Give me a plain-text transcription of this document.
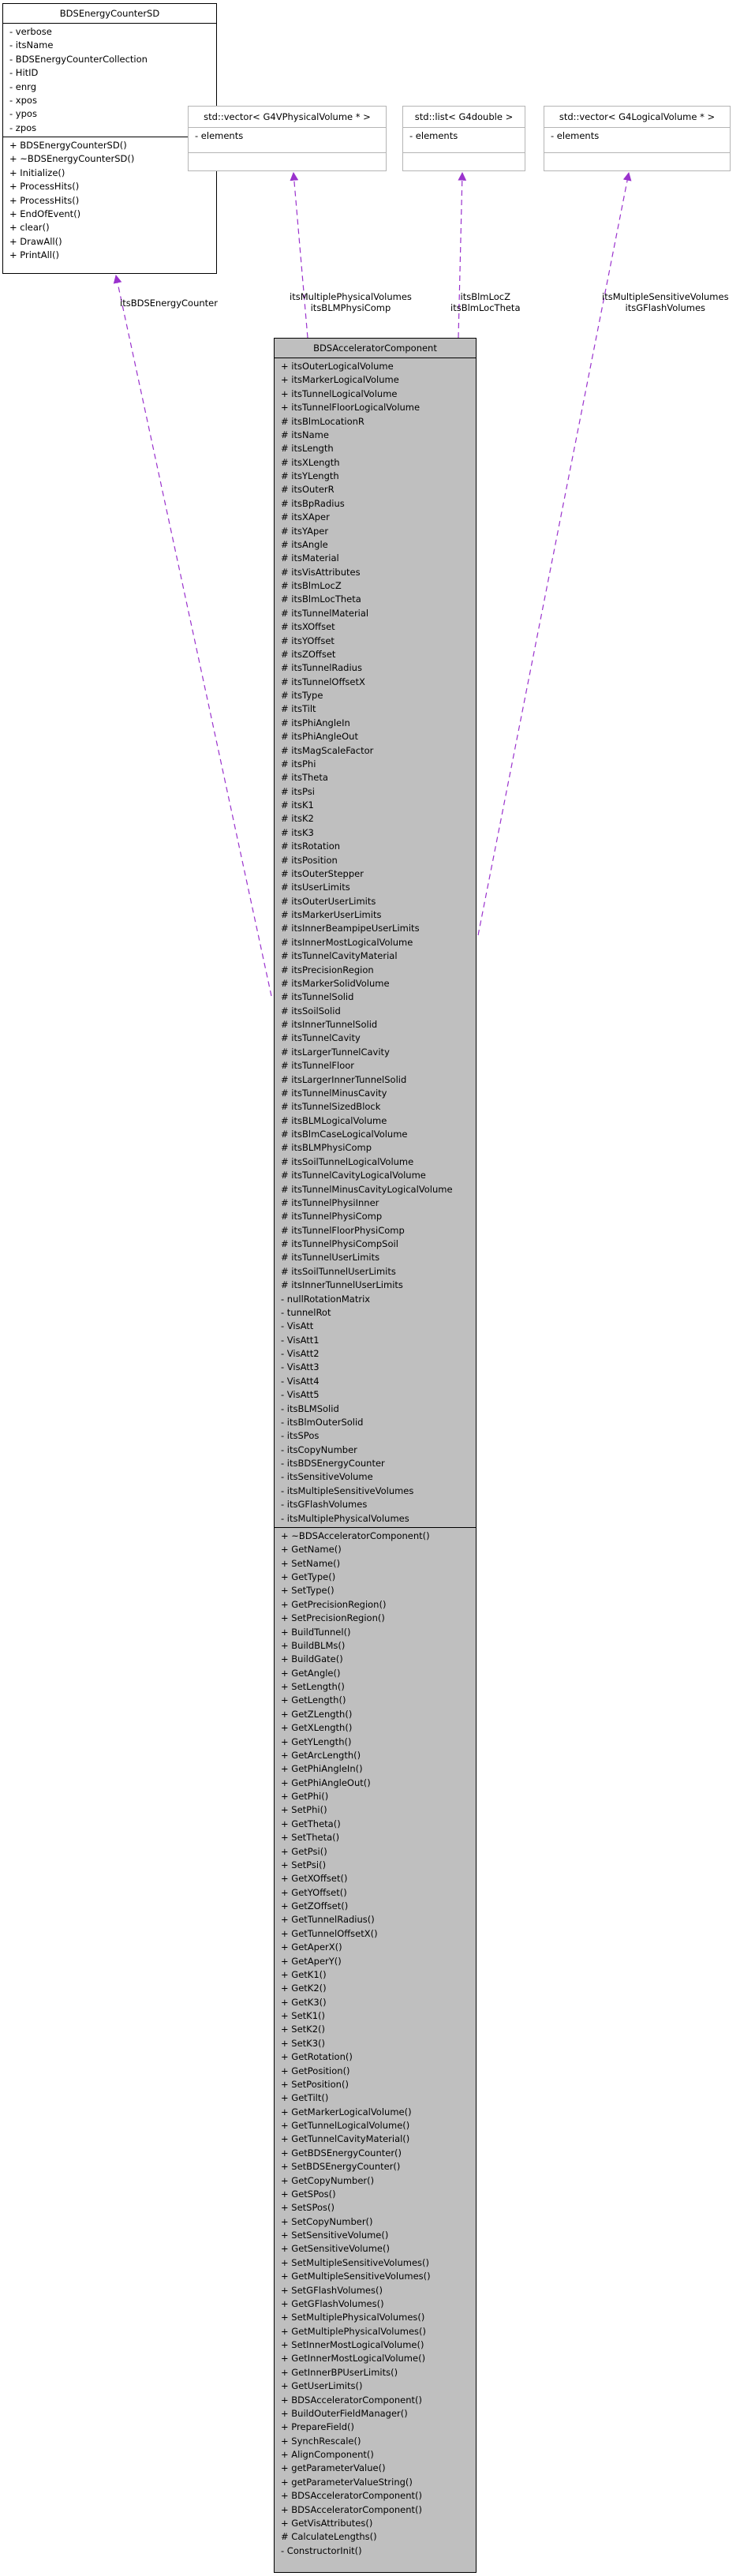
BDSEnergyCounterSD
- verbose
- itsName
- BDSEnergyCounterCollection
- HitID
- enrg
- xpos
- ypos
- zpos
+ BDSEnergyCounterSD()
+ ~BDSEnergyCounterSD()
+ Initialize()
+ ProcessHits()
+ ProcessHits()
+ EndOfEvent()
+ clear()
+ DrawAll()
+ PrintAll()
std::vector< G4VPhysicalVolume * >
- elements
std::list< G4double >
- elements
std::vector< G4LogicalVolume * >
- elements
itsBDSEnergyCounter
itsMultiplePhysicalVolumes
itsBLMPhysiComp
itsBlmLocZ
itsBlmLocTheta
itsMultipleSensitiveVolumes
itsGFlashVolumes
BDSAcceleratorComponent
+ itsOuterLogicalVolume
+ itsMarkerLogicalVolume
+ itsTunnelLogicalVolume
+ itsTunnelFloorLogicalVolume
# itsBlmLocationR
# itsName
# itsLength
# itsXLength
# itsYLength
# itsOuterR
# itsBpRadius
# itsXAper
# itsYAper
# itsAngle
# itsMaterial
# itsVisAttributes
# itsBlmLocZ
# itsBlmLocTheta
# itsTunnelMaterial
# itsXOffset
# itsYOffset
# itsZOffset
# itsTunnelRadius
# itsTunnelOffsetX
# itsType
# itsTilt
# itsPhiAngleIn
# itsPhiAngleOut
# itsMagScaleFactor
# itsPhi
# itsTheta
# itsPsi
# itsK1
# itsK2
# itsK3
# itsRotation
# itsPosition
# itsOuterStepper
# itsUserLimits
# itsOuterUserLimits
# itsMarkerUserLimits
# itsInnerBeampipeUserLimits
# itsInnerMostLogicalVolume
# itsTunnelCavityMaterial
# itsPrecisionRegion
# itsMarkerSolidVolume
# itsTunnelSolid
# itsSoilSolid
# itsInnerTunnelSolid
# itsTunnelCavity
# itsLargerTunnelCavity
# itsTunnelFloor
# itsLargerInnerTunnelSolid
# itsTunnelMinusCavity
# itsTunnelSizedBlock
# itsBLMLogicalVolume
# itsBlmCaseLogicalVolume
# itsBLMPhysiComp
# itsSoilTunnelLogicalVolume
# itsTunnelCavityLogicalVolume
# itsTunnelMinusCavityLogicalVolume
# itsTunnelPhysiInner
# itsTunnelPhysiComp
# itsTunnelFloorPhysiComp
# itsTunnelPhysiCompSoil
# itsTunnelUserLimits
# itsSoilTunnelUserLimits
# itsInnerTunnelUserLimits
- nullRotationMatrix
- tunnelRot
- VisAtt
- VisAtt1
- VisAtt2
- VisAtt3
- VisAtt4
- VisAtt5
- itsBLMSolid
- itsBlmOuterSolid
- itsSPos
- itsCopyNumber
- itsBDSEnergyCounter
- itsSensitiveVolume
- itsMultipleSensitiveVolumes
- itsGFlashVolumes
- itsMultiplePhysicalVolumes
+ ~BDSAcceleratorComponent()
+ GetName()
+ SetName()
+ GetType()
+ SetType()
+ GetPrecisionRegion()
+ SetPrecisionRegion()
+ BuildTunnel()
+ BuildBLMs()
+ BuildGate()
+ GetAngle()
+ SetLength()
+ GetLength()
+ GetZLength()
+ GetXLength()
+ GetYLength()
+ GetArcLength()
+ GetPhiAngleIn()
+ GetPhiAngleOut()
+ GetPhi()
+ SetPhi()
+ GetTheta()
+ SetTheta()
+ GetPsi()
+ SetPsi()
+ GetXOffset()
+ GetYOffset()
+ GetZOffset()
+ GetTunnelRadius()
+ GetTunnelOffsetX()
+ GetAperX()
+ GetAperY()
+ GetK1()
+ GetK2()
+ GetK3()
+ SetK1()
+ SetK2()
+ SetK3()
+ GetRotation()
+ GetPosition()
+ SetPosition()
+ GetTilt()
+ GetMarkerLogicalVolume()
+ GetTunnelLogicalVolume()
+ GetTunnelCavityMaterial()
+ GetBDSEnergyCounter()
+ SetBDSEnergyCounter()
+ GetCopyNumber()
+ GetSPos()
+ SetSPos()
+ SetCopyNumber()
+ SetSensitiveVolume()
+ GetSensitiveVolume()
+ SetMultipleSensitiveVolumes()
+ GetMultipleSensitiveVolumes()
+ SetGFlashVolumes()
+ GetGFlashVolumes()
+ SetMultiplePhysicalVolumes()
+ GetMultiplePhysicalVolumes()
+ SetInnerMostLogicalVolume()
+ GetInnerMostLogicalVolume()
+ GetInnerBPUserLimits()
+ GetUserLimits()
+ BDSAcceleratorComponent()
+ BuildOuterFieldManager()
+ PrepareField()
+ SynchRescale()
+ AlignComponent()
+ getParameterValue()
+ getParameterValueString()
+ BDSAcceleratorComponent()
+ BDSAcceleratorComponent()
+ GetVisAttributes()
# CalculateLengths()
- ConstructorInit()
